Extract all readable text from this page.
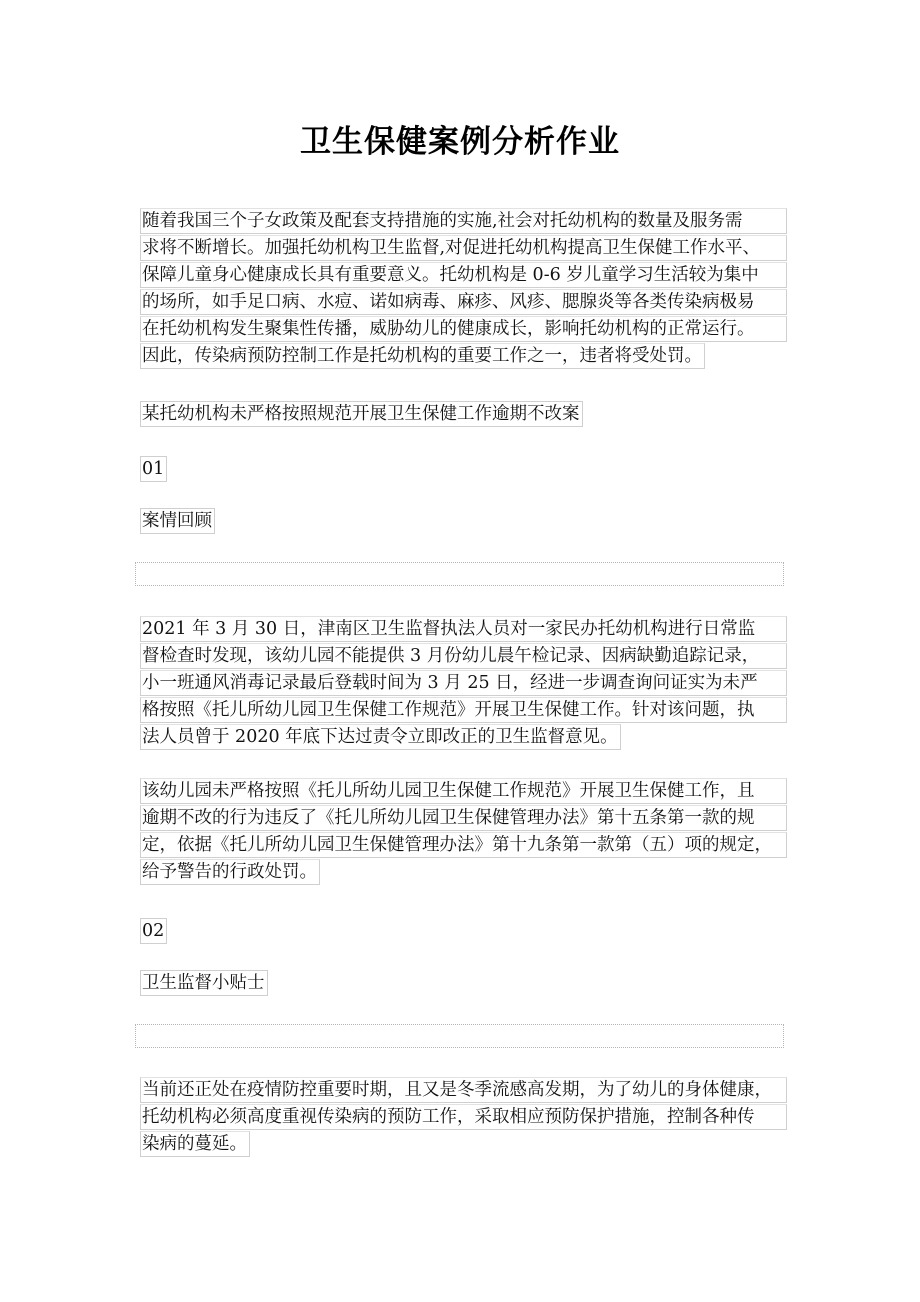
卫生保健案例分析作业
随着我国三个子女政策及配套支持措施的实施,社会对托幼机构的数量及服务需
求将不断增长。加强托幼机构卫生监督,对促进托幼机构提高卫生保健工作水平、
保障儿童身心健康成长具有重要意义。托幼机构是 0-6 岁儿童学习生活较为集中
的场所，如手足口病、水痘、诺如病毒、麻疹、风疹、腮腺炎等各类传染病极易
在托幼机构发生聚集性传播，威胁幼儿的健康成长，影响托幼机构的正常运行。
因此，传染病预防控制工作是托幼机构的重要工作之一，违者将受处罚。
某托幼机构未严格按照规范开展卫生保健工作逾期不改案
01
案情回顾
2021 年 3 月 30 日，津南区卫生监督执法人员对一家民办托幼机构进行日常监
督检查时发现，该幼儿园不能提供 3 月份幼儿晨午检记录、因病缺勤追踪记录，
小一班通风消毒记录最后登载时间为 3 月 25 日，经进一步调查询问证实为未严
格按照《托儿所幼儿园卫生保健工作规范》开展卫生保健工作。针对该问题，执
法人员曾于 2020 年底下达过责令立即改正的卫生监督意见。
该幼儿园未严格按照《托儿所幼儿园卫生保健工作规范》开展卫生保健工作，且
逾期不改的行为违反了《托儿所幼儿园卫生保健管理办法》第十五条第一款的规
定，依据《托儿所幼儿园卫生保健管理办法》第十九条第一款第（五）项的规定，
给予警告的行政处罚。
02
卫生监督小贴士
当前还正处在疫情防控重要时期，且又是冬季流感高发期，为了幼儿的身体健康，
托幼机构必须高度重视传染病的预防工作，采取相应预防保护措施，控制各种传
染病的蔓延。
